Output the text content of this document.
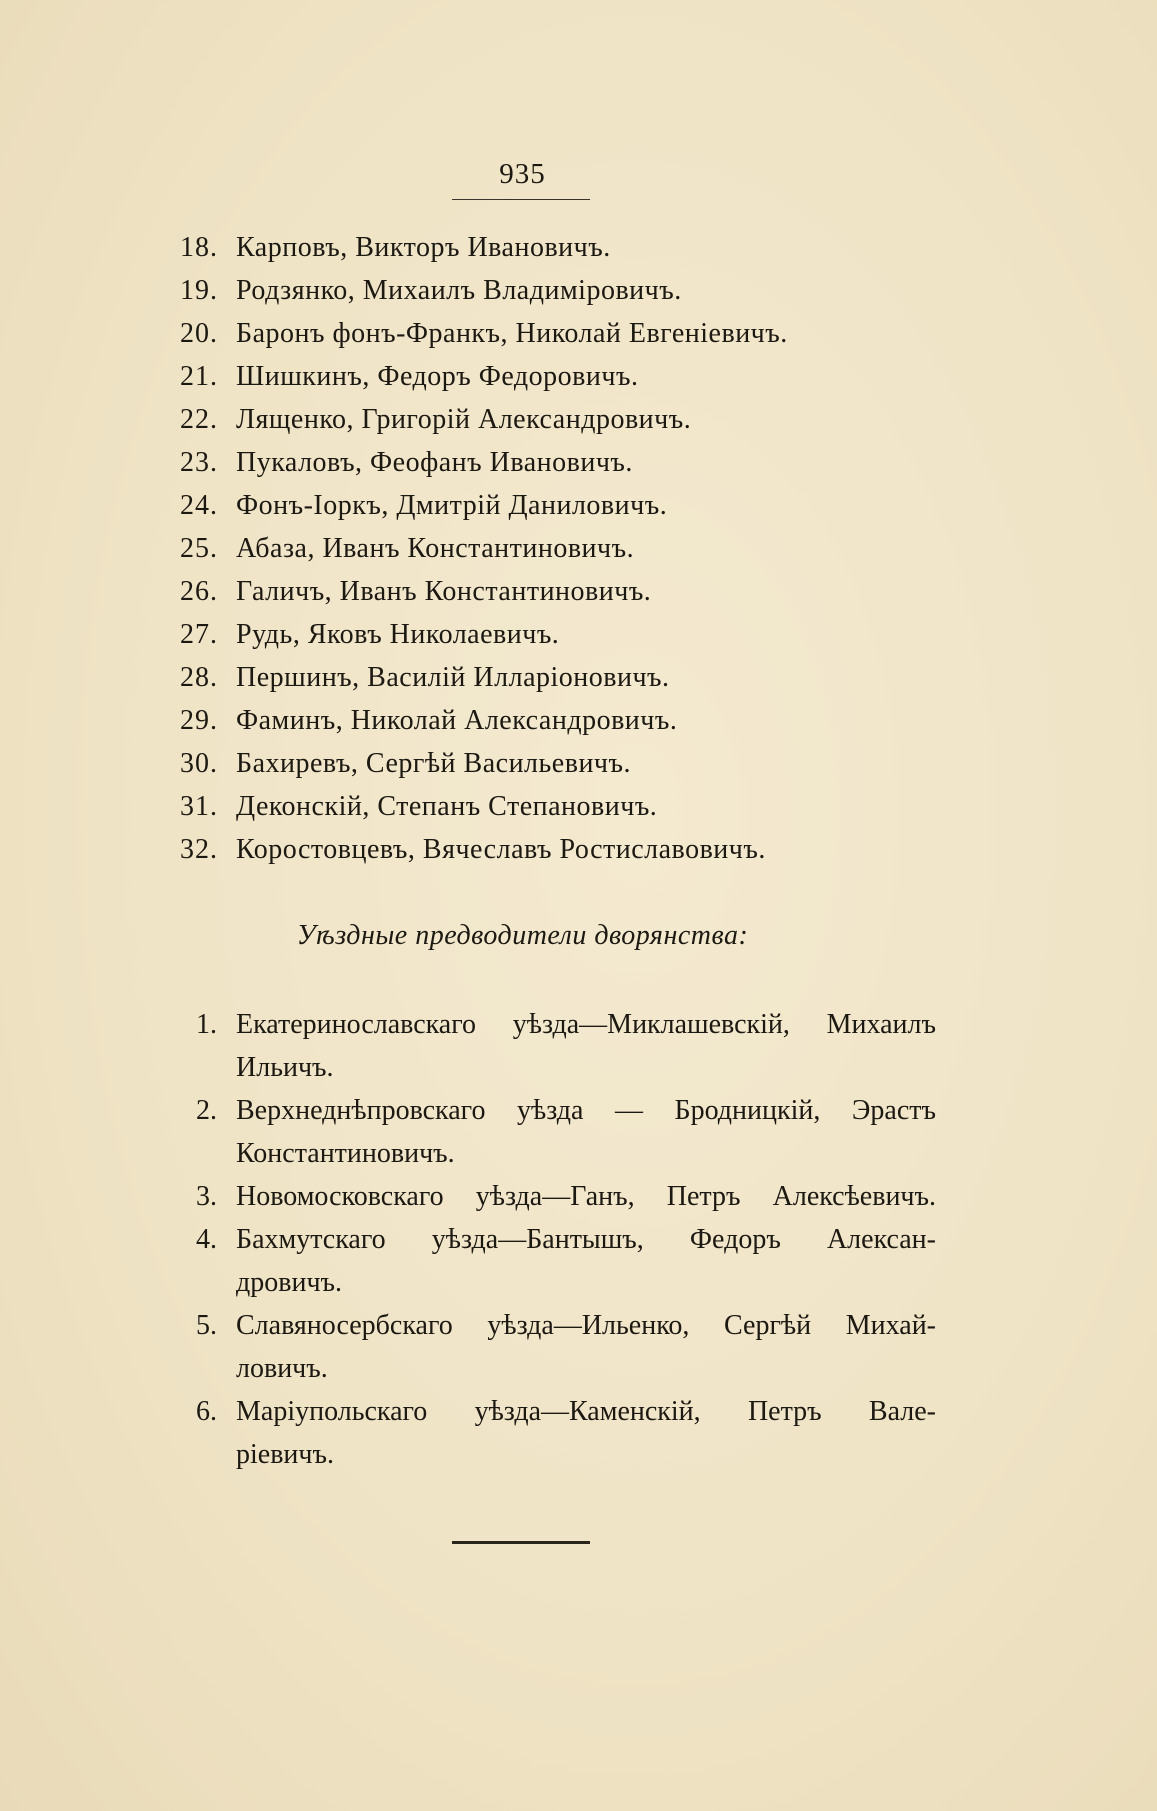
935
18. Карповъ, Викторъ Ивановичъ.
19. Родзянко, Михаилъ Владиміровичъ.
20. Баронъ фонъ-Франкъ, Николай Евгеніевичъ.
21. Шишкинъ, Федоръ Федоровичъ.
22. Лященко, Григорій Александровичъ.
23. Пукаловъ, Феофанъ Ивановичъ.
24. Фонъ-Іоркъ, Дмитрій Даниловичъ.
25. Абаза, Иванъ Константиновичъ.
26. Галичъ, Иванъ Константиновичъ.
27. Рудь, Яковъ Николаевичъ.
28. Першинъ, Василій Илларіоновичъ.
29. Фаминъ, Николай Александровичъ.
30. Бахиревъ, Сергѣй Васильевичъ.
31. Деконскій, Степанъ Степановичъ.
32. Коростовцевъ, Вячеславъ Ростиславовичъ.
Уѣздные предводители дворянства:
1. Екатеринославскаго уѣзда—Миклашевскій, Михаилъ
Ильичъ.
2. Верхнеднѣпровскаго уѣзда — Бродницкій, Эрастъ
Константиновичъ.
3. Новомосковскаго уѣзда—Ганъ, Петръ Алексѣевичъ.
4. Бахмутскаго уѣзда—Бантышъ, Федоръ Алексан-
дровичъ.
5. Славяносербскаго уѣзда—Ильенко, Сергѣй Михай-
ловичъ.
6. Маріупольскаго уѣзда—Каменскій, Петръ Вале-
ріевичъ.
